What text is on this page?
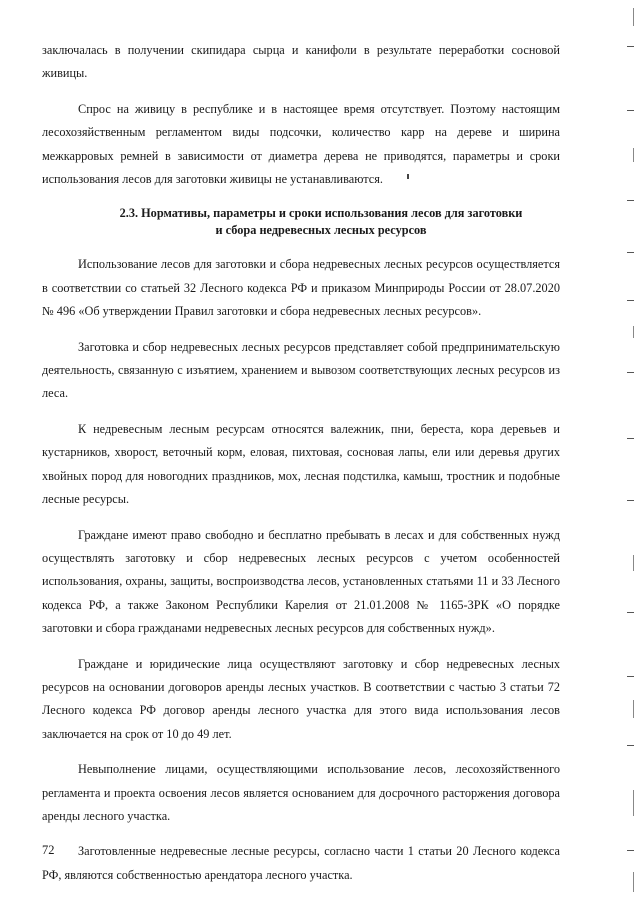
заключалась в получении скипидара сырца и канифоли в результате переработки сосновой живицы.

Спрос на живицу в республике и в настоящее время отсутствует. Поэтому настоящим лесохозяйственным регламентом виды подсочки, количество карр на дереве и ширина межкарровых ремней в зависимости от диаметра дерева не приводятся, параметры и сроки использования лесов для заготовки живицы не устанавливаются.

2.3. Нормативы, параметры и сроки использования лесов для заготовки
и сбора недревесных лесных ресурсов

Использование лесов для заготовки и сбора недревесных лесных ресурсов осуществляется в соответствии со статьей 32 Лесного кодекса РФ и приказом Минприроды России от 28.07.2020 № 496 «Об утверждении Правил заготовки и сбора недревесных лесных ресурсов».

Заготовка и сбор недревесных лесных ресурсов представляет собой предпринимательскую деятельность, связанную с изъятием, хранением и вывозом соответствующих лесных ресурсов из леса.

К недревесным лесным ресурсам относятся валежник, пни, береста, кора деревьев и кустарников, хворост, веточный корм, еловая, пихтовая, сосновая лапы, ели или деревья других хвойных пород для новогодних праздников, мох, лесная подстилка, камыш, тростник и подобные лесные ресурсы.

Граждане имеют право свободно и бесплатно пребывать в лесах и для собственных нужд осуществлять заготовку и сбор недревесных лесных ресурсов с учетом особенностей использования, охраны, защиты, воспроизводства лесов, установленных статьями 11 и 33 Лесного кодекса РФ, а также Законом Республики Карелия от 21.01.2008 № 1165-ЗРК «О порядке заготовки и сбора гражданами недревесных лесных ресурсов для собственных нужд».

Граждане и юридические лица осуществляют заготовку и сбор недревесных лесных ресурсов на основании договоров аренды лесных участков. В соответствии с частью 3 статьи 72 Лесного кодекса РФ договор аренды лесного участка для этого вида использования лесов заключается на срок от 10 до 49 лет.

Невыполнение лицами, осуществляющими использование лесов, лесохозяйственного регламента и проекта освоения лесов является основанием для досрочного расторжения договора аренды лесного участка.

Заготовленные недревесные лесные ресурсы, согласно части 1 статьи 20 Лесного кодекса РФ, являются собственностью арендатора лесного участка.

72
